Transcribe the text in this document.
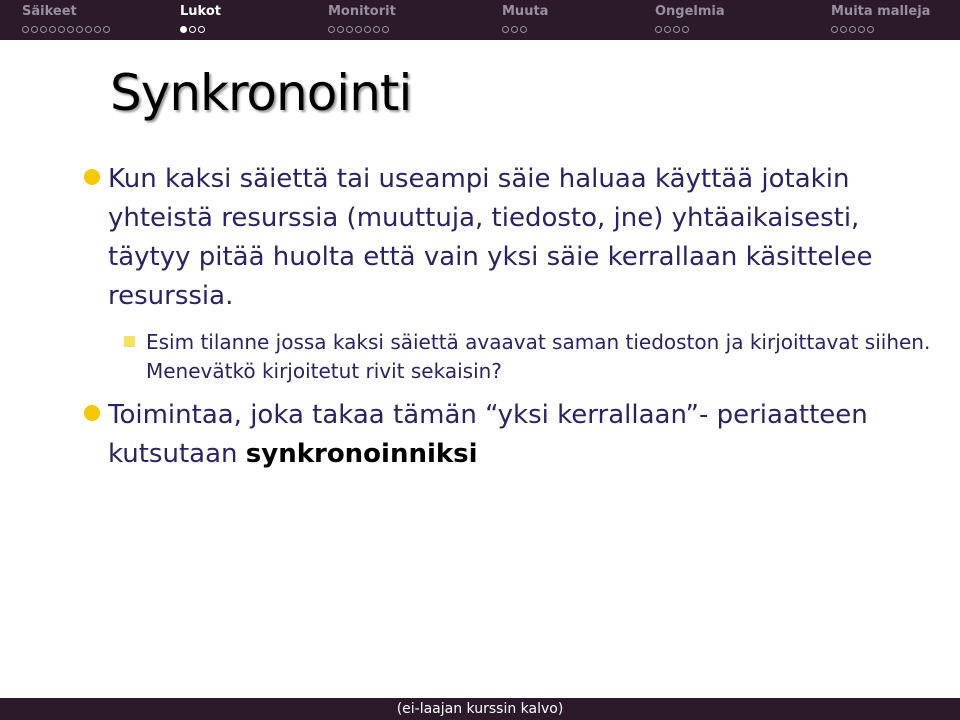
Säikeet	Lukot	Monitorit	Muuta	Ongelmia	Muita malleja
Synkronointi

Kun kaksi säiettä tai useampi säie haluaa käyttää jotakin yhteistä resurssia (muuttuja, tiedosto, jne) yhtäaikaisesti, täytyy pitää huolta että vain yksi säie kerrallaan käsittelee resurssia.

Esim tilanne jossa kaksi säiettä avaavat saman tiedoston ja kirjoittavat siihen. Menevätkö kirjoitetut rivit sekaisin?

Toimintaa, joka takaa tämän “yksi kerrallaan”- periaatteen kutsutaan synkronoinniksi

(ei-laajan kurssin kalvo)
